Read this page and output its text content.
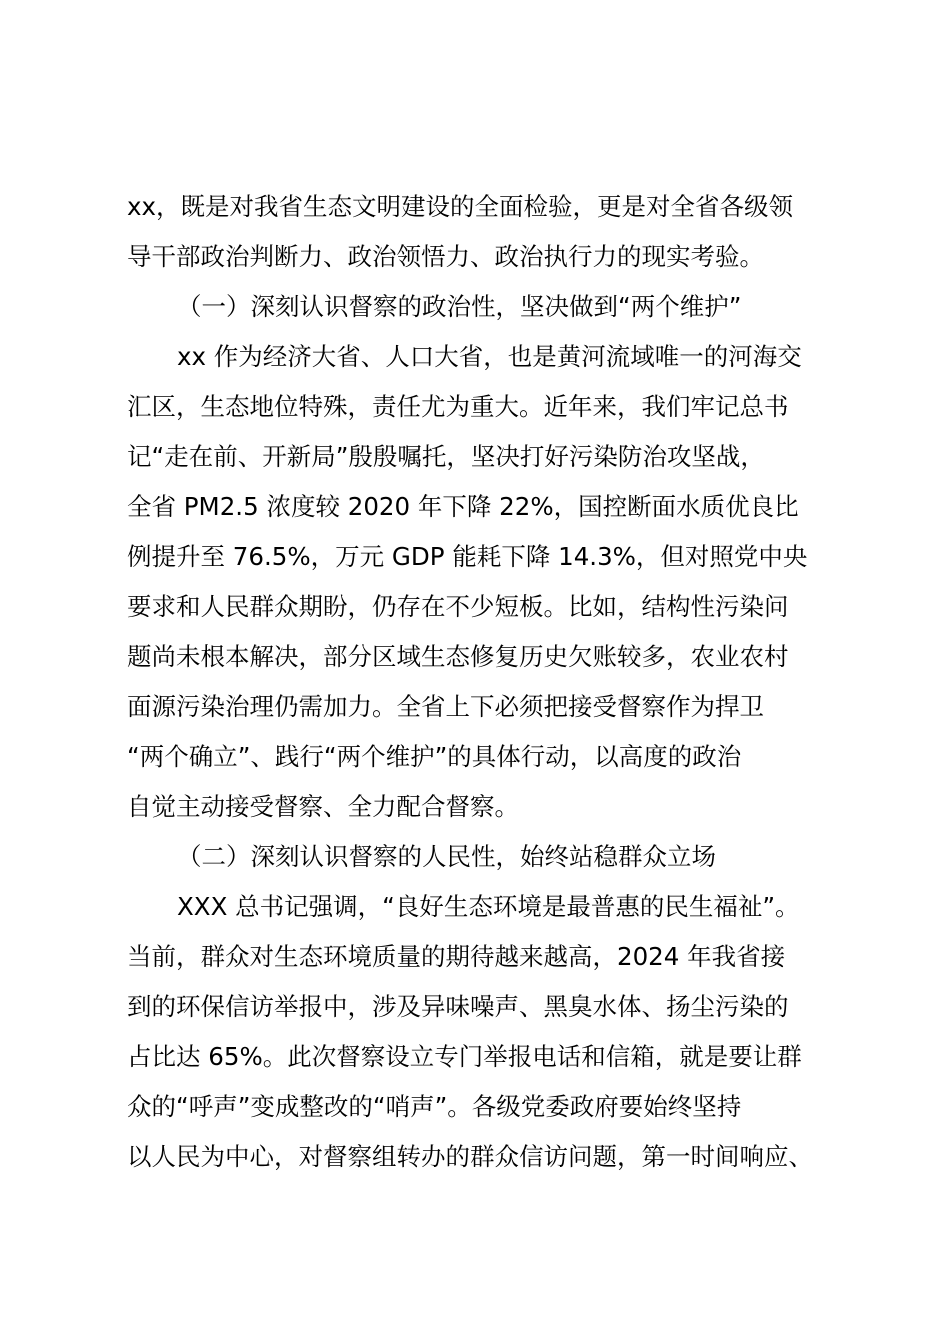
xx，既是对我省生态文明建设的全面检验，更是对全省各级领
导干部政治判断力、政治领悟力、政治执行力的现实考验。
（一）深刻认识督察的政治性，坚决做到“两个维护”
xx 作为经济大省、人口大省，也是黄河流域唯一的河海交
汇区，生态地位特殊，责任尤为重大。近年来，我们牢记总书
记“走在前、开新局”殷殷嘱托，坚决打好污染防治攻坚战，
全省 PM2.5 浓度较 2020 年下降 22%，国控断面水质优良比
例提升至 76.5%，万元 GDP 能耗下降 14.3%，但对照党中央
要求和人民群众期盼，仍存在不少短板。比如，结构性污染问
题尚未根本解决，部分区域生态修复历史欠账较多，农业农村
面源污染治理仍需加力。全省上下必须把接受督察作为捍卫
“两个确立”、践行“两个维护”的具体行动，以高度的政治
自觉主动接受督察、全力配合督察。
（二）深刻认识督察的人民性，始终站稳群众立场
XXX 总书记强调，“良好生态环境是最普惠的民生福祉”。
当前，群众对生态环境质量的期待越来越高，2024 年我省接
到的环保信访举报中，涉及异味噪声、黑臭水体、扬尘污染的
占比达 65%。此次督察设立专门举报电话和信箱，就是要让群
众的“呼声”变成整改的“哨声”。各级党委政府要始终坚持
以人民为中心，对督察组转办的群众信访问题，第一时间响应、
